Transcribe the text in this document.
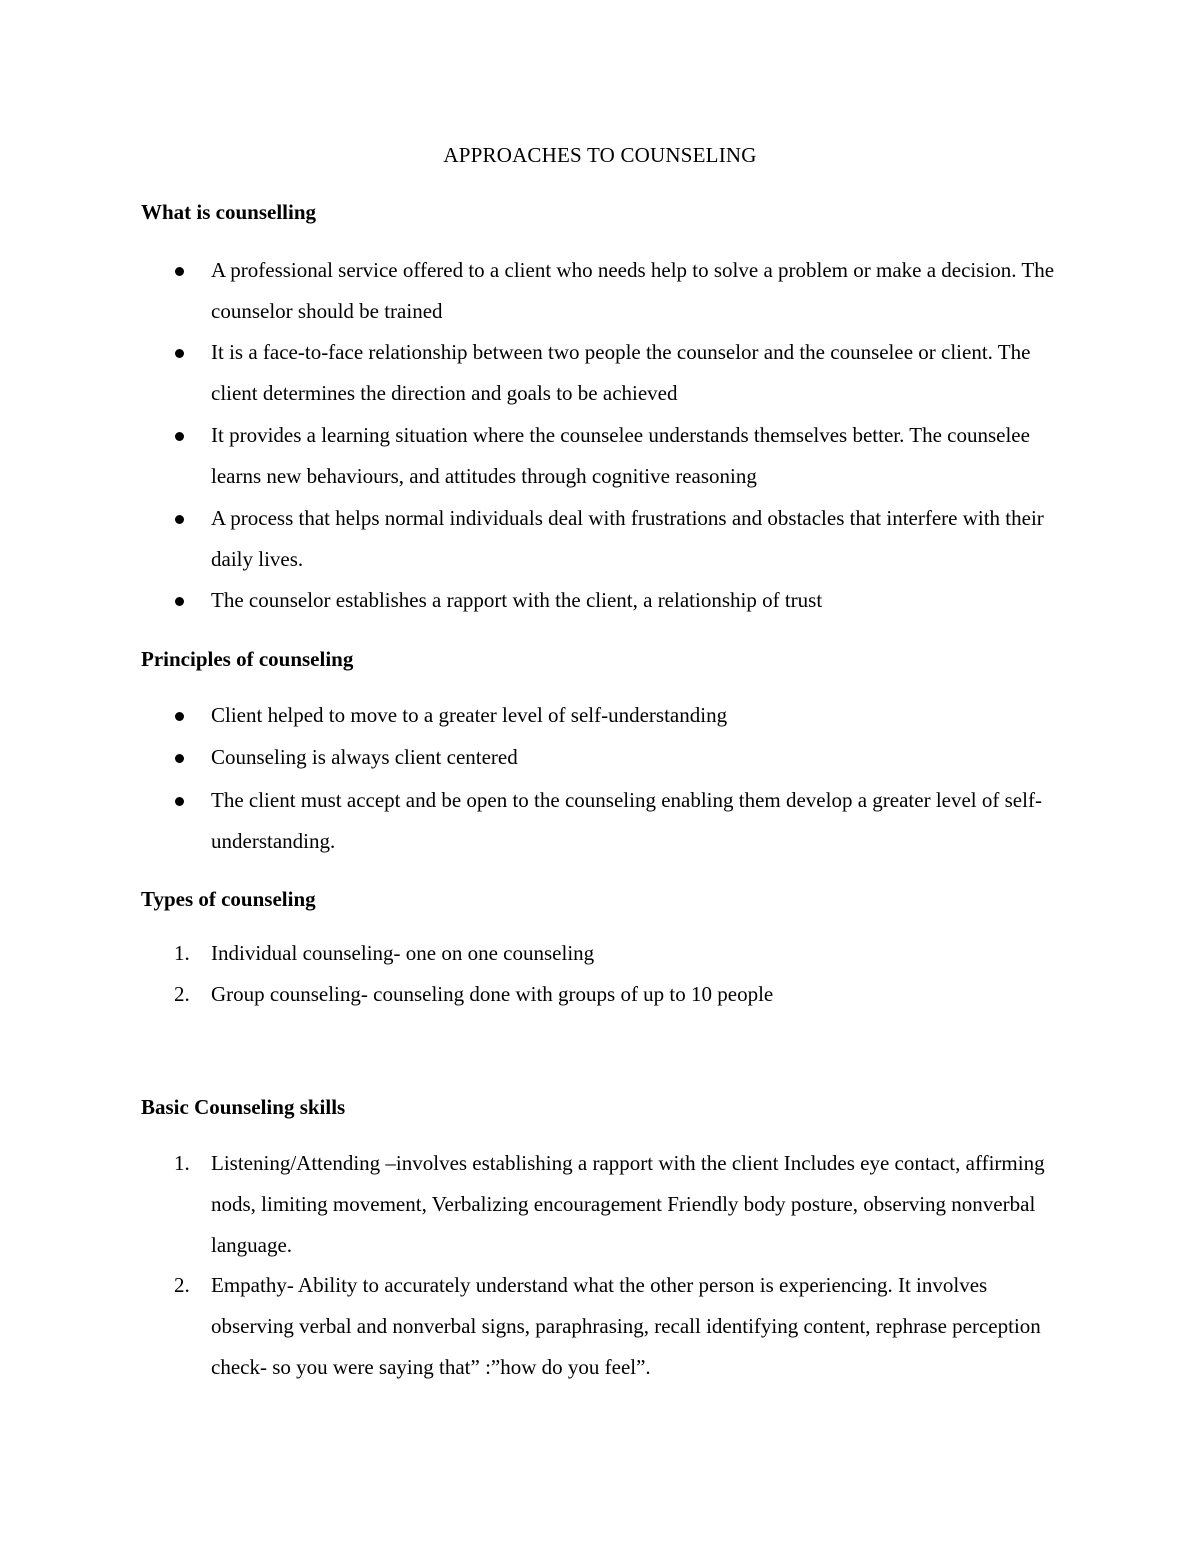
APPROACHES TO COUNSELING
What is counselling
A professional service offered to a client who needs help to solve a problem or make a decision. The counselor should be trained
It is a face-to-face relationship between two people the counselor and the counselee or client. The client determines the direction and goals to be achieved
It provides a learning situation where the counselee understands themselves better. The counselee learns new behaviours, and attitudes through cognitive reasoning
A process that helps normal individuals deal with frustrations and obstacles that interfere with their daily lives.
The counselor establishes a rapport with the client, a relationship of trust
Principles of counseling
Client helped to move to a greater level of self-understanding
Counseling is always client centered
The client must accept and be open to the counseling enabling them develop a greater level of self-understanding.
Types of counseling
1. Individual counseling- one on one counseling
2. Group counseling- counseling done with groups of up to 10 people
Basic Counseling skills
1. Listening/Attending –involves establishing a rapport with the client Includes eye contact, affirming nods, limiting movement, Verbalizing encouragement Friendly body posture, observing nonverbal language.
2. Empathy- Ability to accurately understand what the other person is experiencing. It involves observing verbal and nonverbal signs, paraphrasing, recall identifying content, rephrase perception check- so you were saying that” :”how do you feel”.
